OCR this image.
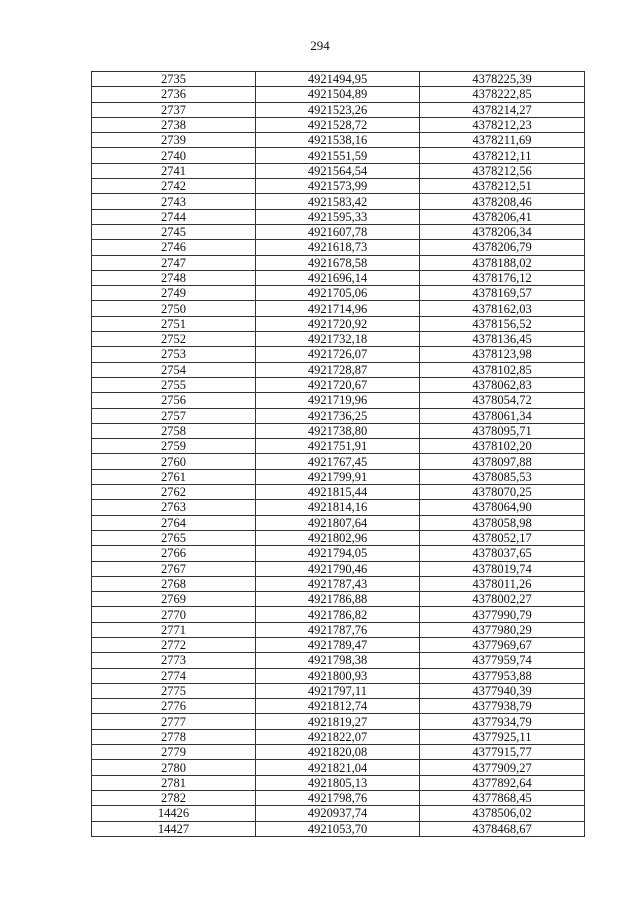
294
2735	4921494,95	4378225,39
2736	4921504,89	4378222,85
2737	4921523,26	4378214,27
2738	4921528,72	4378212,23
2739	4921538,16	4378211,69
2740	4921551,59	4378212,11
2741	4921564,54	4378212,56
2742	4921573,99	4378212,51
2743	4921583,42	4378208,46
2744	4921595,33	4378206,41
2745	4921607,78	4378206,34
2746	4921618,73	4378206,79
2747	4921678,58	4378188,02
2748	4921696,14	4378176,12
2749	4921705,06	4378169,57
2750	4921714,96	4378162,03
2751	4921720,92	4378156,52
2752	4921732,18	4378136,45
2753	4921726,07	4378123,98
2754	4921728,87	4378102,85
2755	4921720,67	4378062,83
2756	4921719,96	4378054,72
2757	4921736,25	4378061,34
2758	4921738,80	4378095,71
2759	4921751,91	4378102,20
2760	4921767,45	4378097,88
2761	4921799,91	4378085,53
2762	4921815,44	4378070,25
2763	4921814,16	4378064,90
2764	4921807,64	4378058,98
2765	4921802,96	4378052,17
2766	4921794,05	4378037,65
2767	4921790,46	4378019,74
2768	4921787,43	4378011,26
2769	4921786,88	4378002,27
2770	4921786,82	4377990,79
2771	4921787,76	4377980,29
2772	4921789,47	4377969,67
2773	4921798,38	4377959,74
2774	4921800,93	4377953,88
2775	4921797,11	4377940,39
2776	4921812,74	4377938,79
2777	4921819,27	4377934,79
2778	4921822,07	4377925,11
2779	4921820,08	4377915,77
2780	4921821,04	4377909,27
2781	4921805,13	4377892,64
2782	4921798,76	4377868,45
14426	4920937,74	4378506,02
14427	4921053,70	4378468,67
